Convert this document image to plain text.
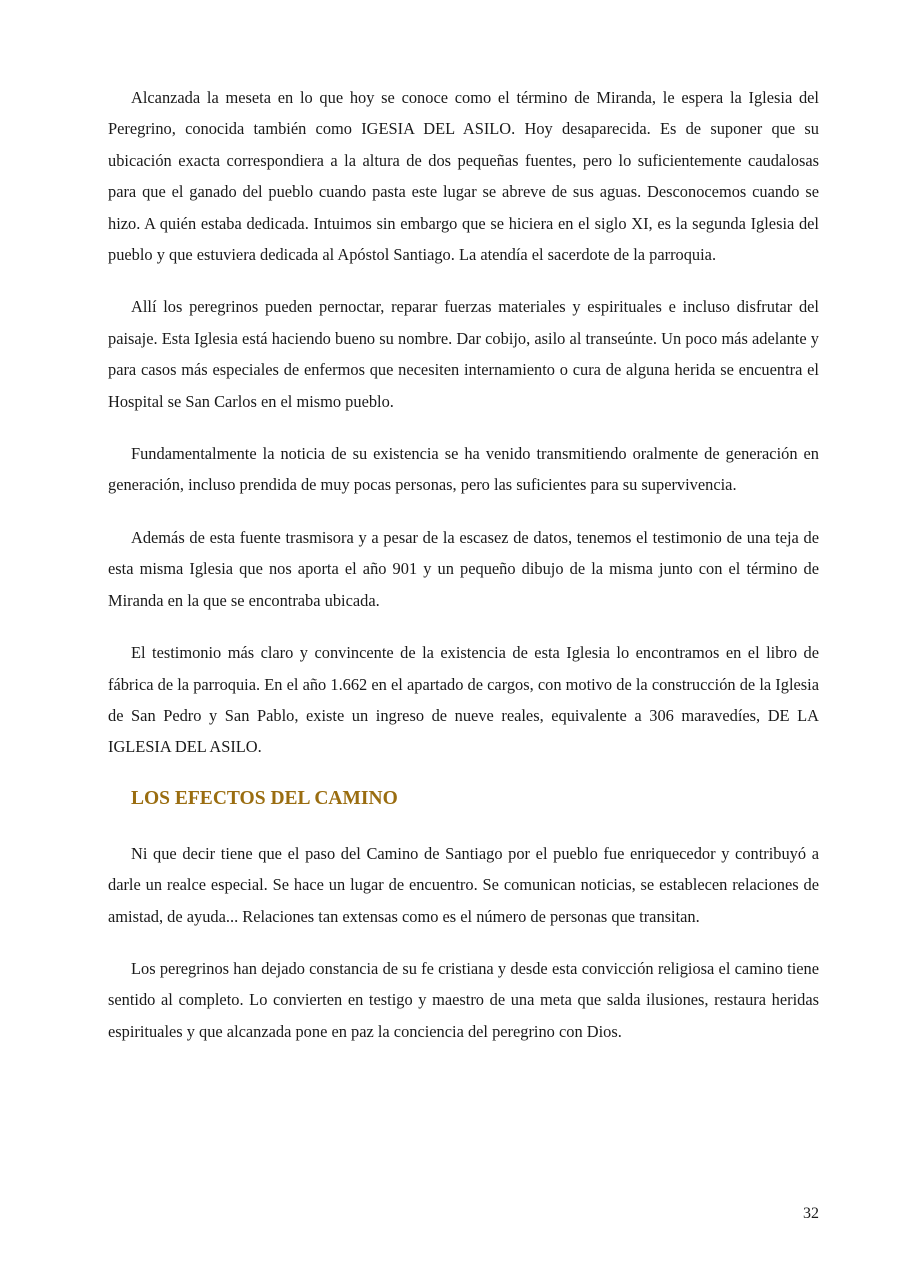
Alcanzada la meseta en lo que hoy se conoce como el término de Miranda, le espera la Iglesia del Peregrino, conocida también como IGESIA DEL ASILO. Hoy desaparecida. Es de suponer que su ubicación exacta correspondiera a la altura de dos pequeñas fuentes, pero lo suficientemente caudalosas para que el ganado del pueblo cuando pasta este lugar se abreve de sus aguas. Desconocemos cuando se hizo. A quién estaba dedicada. Intuimos sin embargo que se hiciera en el siglo XI, es la segunda Iglesia del pueblo y que estuviera dedicada al Apóstol Santiago. La atendía el sacerdote de la parroquia.

Allí los peregrinos pueden pernoctar, reparar fuerzas materiales y espirituales e incluso disfrutar del paisaje. Esta Iglesia está haciendo bueno su nombre. Dar cobijo, asilo al transeúnte. Un poco más adelante y para casos más especiales de enfermos que necesiten internamiento o cura de alguna herida se encuentra el Hospital se San Carlos en el mismo pueblo.

Fundamentalmente la noticia de su existencia se ha venido transmitiendo oralmente de generación en generación, incluso prendida de muy pocas personas, pero las suficientes para su supervivencia.

Además de esta fuente trasmisora y a pesar de la escasez de datos, tenemos el testimonio de una teja de esta misma Iglesia que nos aporta el año 901 y un pequeño dibujo de la misma junto con el término de Miranda en la que se encontraba ubicada.

El testimonio más claro y convincente de la existencia de esta Iglesia lo encontramos en el libro de fábrica de la parroquia. En el año 1.662 en el apartado de cargos, con motivo de la construcción de la Iglesia de San Pedro y San Pablo, existe un ingreso de nueve reales, equivalente a 306 maravedíes, DE LA IGLESIA DEL ASILO.

LOS EFECTOS DEL CAMINO

Ni que decir tiene que el paso del Camino de Santiago por el pueblo fue enriquecedor y contribuyó a darle un realce especial. Se hace un lugar de encuentro. Se comunican noticias, se establecen relaciones de amistad, de ayuda... Relaciones tan extensas como es el número de personas que transitan.

Los peregrinos han dejado constancia de su fe cristiana y desde esta convicción religiosa el camino tiene sentido al completo. Lo convierten en testigo y maestro de una meta que salda ilusiones, restaura heridas espirituales y que alcanzada pone en paz la conciencia del peregrino con Dios.

32
